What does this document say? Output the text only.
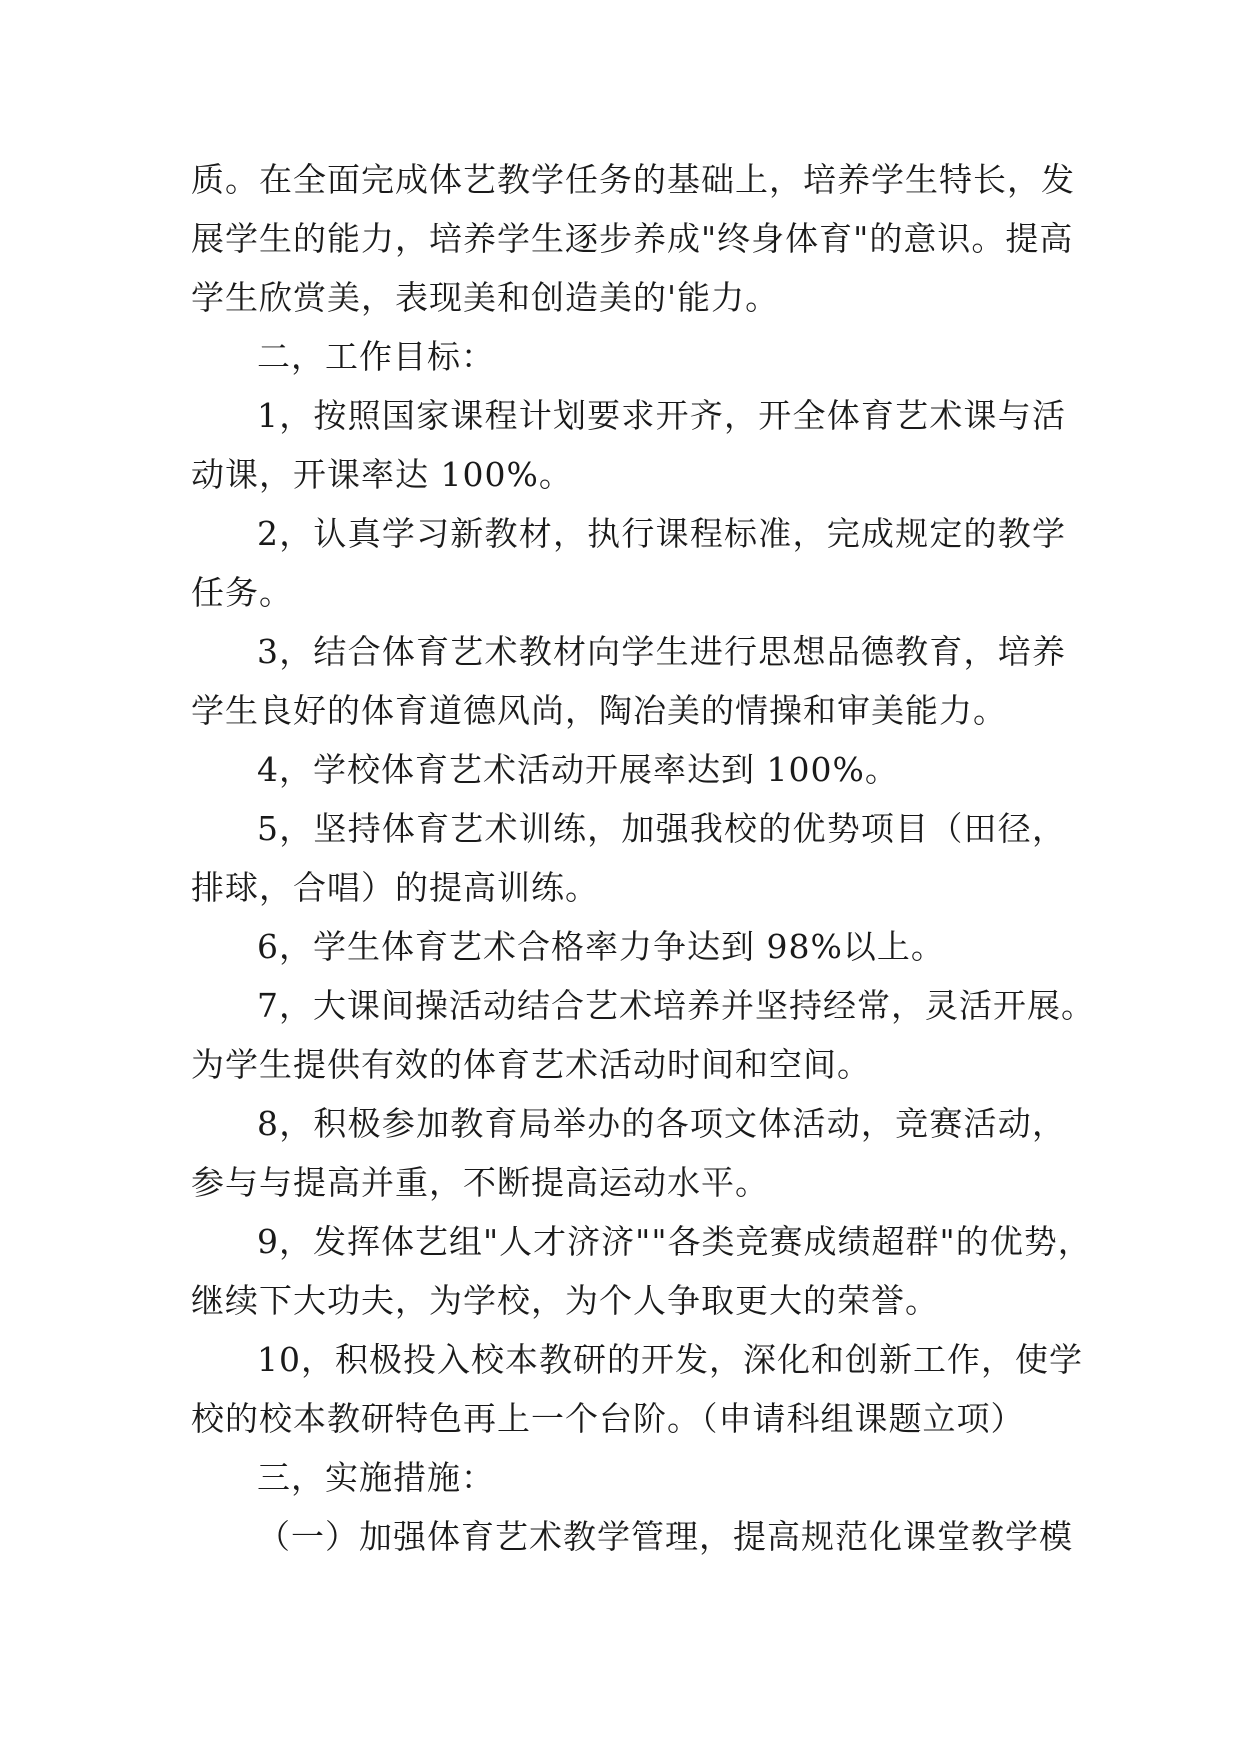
质。在全面完成体艺教学任务的基础上，培养学生特长，发
展学生的能力，培养学生逐步养成"终身体育"的意识。提高
学生欣赏美，表现美和创造美的'能力。
二，工作目标：
1，按照国家课程计划要求开齐，开全体育艺术课与活
动课，开课率达 100%。
2，认真学习新教材，执行课程标准，完成规定的教学
任务。
3，结合体育艺术教材向学生进行思想品德教育，培养
学生良好的体育道德风尚，陶冶美的情操和审美能力。
4，学校体育艺术活动开展率达到 100%。
5，坚持体育艺术训练，加强我校的优势项目（田径，
排球，合唱）的提高训练。
6，学生体育艺术合格率力争达到 98%以上。
7，大课间操活动结合艺术培养并坚持经常，灵活开展。
为学生提供有效的体育艺术活动时间和空间。
8，积极参加教育局举办的各项文体活动，竞赛活动，
参与与提高并重，不断提高运动水平。
9，发挥体艺组"人才济济""各类竞赛成绩超群"的优势，
继续下大功夫，为学校，为个人争取更大的荣誉。
10，积极投入校本教研的开发，深化和创新工作，使学
校的校本教研特色再上一个台阶。（申请科组课题立项）
三，实施措施：
（一）加强体育艺术教学管理，提高规范化课堂教学模
